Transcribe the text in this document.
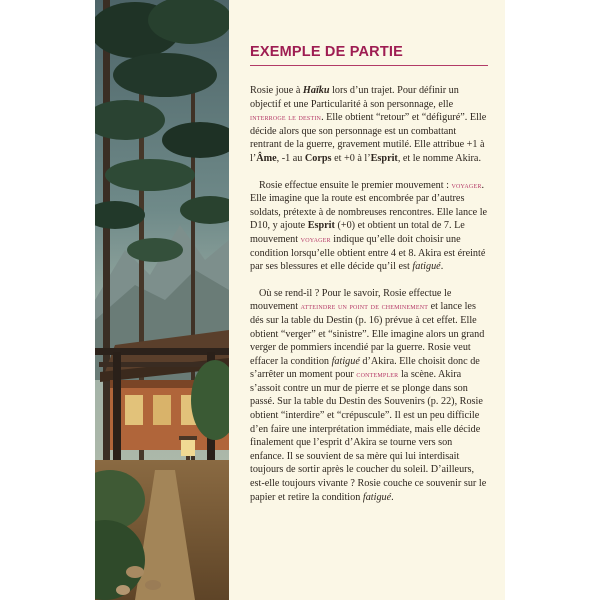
EXEMPLE DE PARTIE

Rosie joue à Haïku lors d’un trajet. Pour définir un objectif et une Particularité à son personnage, elle interroge le destin. Elle obtient “retour” et “défiguré”. Elle décide alors que son personnage est un combattant rentrant de la guerre, gravement mutilé. Elle attribue +1 à l’Âme, -1 au Corps et +0 à l’Esprit, et le nomme Akira.

Rosie effectue ensuite le premier mouvement : voyager. Elle imagine que la route est encombrée par d’autres soldats, prétexte à de nombreuses rencontres. Elle lance le D10, y ajoute Esprit (+0) et obtient un total de 7. Le mouvement voyager indique qu’elle doit choisir une condition lorsqu’elle obtient entre 4 et 8. Akira est éreinté par ses blessures et elle décide qu’il est fatigué.

Où se rend-il ? Pour le savoir, Rosie effectue le mouvement atteindre un point de cheminement et lance les dés sur la table du Destin (p. 16) prévue à cet effet. Elle obtient “verger” et “sinistre”. Elle imagine alors un grand verger de pommiers incendié par la guerre. Rosie veut effacer la condition fatigué d’Akira. Elle choisit donc de s’arrêter un moment pour contempler la scène. Akira s’assoit contre un mur de pierre et se plonge dans son passé. Sur la table du Destin des Souvenirs (p. 22), Rosie obtient “interdire” et “crépuscule”. Il est un peu difficile d’en faire une interprétation immédiate, mais elle décide finalement que l’esprit d’Akira se tourne vers son enfance. Il se souvient de sa mère qui lui interdisait toujours de sortir après le coucher du soleil. D’ailleurs, est-elle toujours vivante ? Rosie couche ce souvenir sur le papier et retire la condition fatigué.
